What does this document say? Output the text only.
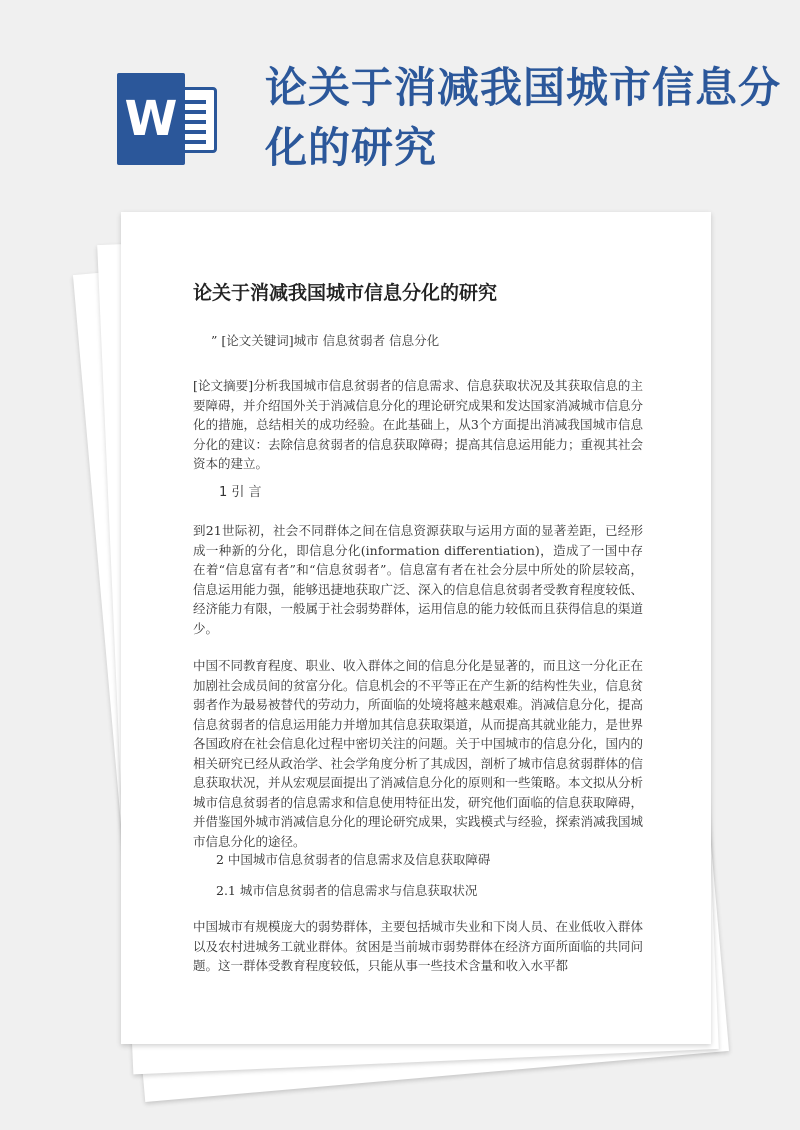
W
论关于消减我国城市信息分化的研究
论关于消减我国城市信息分化的研究
” [论文关键词]城市 信息贫弱者 信息分化

[论文摘要]分析我国城市信息贫弱者的信息需求、信息获取状况及其获取信息的主要障碍，并介绍国外关于消减信息分化的理论研究成果和发达国家消减城市信息分化的措施，总结相关的成功经验。在此基础上，从3个方面提出消减我国城市信息分化的建议：去除信息贫弱者的信息获取障碍；提高其信息运用能力；重视其社会资本的建立。

1 引 言

到21世际初，社会不同群体之间在信息资源获取与运用方面的显著差距，已经形成一种新的分化，即信息分化(information differentiation)，造成了一国中存在着“信息富有者”和“信息贫弱者”。信息富有者在社会分层中所处的阶层较高，信息运用能力强，能够迅捷地获取广泛、深入的信息信息贫弱者受教育程度较低、经济能力有限，一般属于社会弱势群体，运用信息的能力较低而且获得信息的渠道少。

中国不同教育程度、职业、收入群体之间的信息分化是显著的，而且这一分化正在加剧社会成员间的贫富分化。信息机会的不平等正在产生新的结构性失业，信息贫弱者作为最易被替代的劳动力，所面临的处境将越来越艰难。消减信息分化，提高信息贫弱者的信息运用能力并增加其信息获取渠道，从而提高其就业能力，是世界各国政府在社会信息化过程中密切关注的问题。关于中国城市的信息分化，国内的相关研究已经从政治学、社会学角度分析了其成因，剖析了城市信息贫弱群体的信息获取状况，并从宏观层面提出了消减信息分化的原则和一些策略。本文拟从分析城市信息贫弱者的信息需求和信息使用特征出发，研究他们面临的信息获取障碍，并借鉴国外城市消减信息分化的理论研究成果，实践模式与经验，探索消减我国城市信息分化的途径。

2 中国城市信息贫弱者的信息需求及信息获取障碍
2.1 城市信息贫弱者的信息需求与信息获取状况

中国城市有规模庞大的弱势群体，主要包括城市失业和下岗人员、在业低收入群体以及农村进城务工就业群体。贫困是当前城市弱势群体在经济方面所面临的共同问题。这一群体受教育程度较低，只能从事一些技术含量和收入水平都
